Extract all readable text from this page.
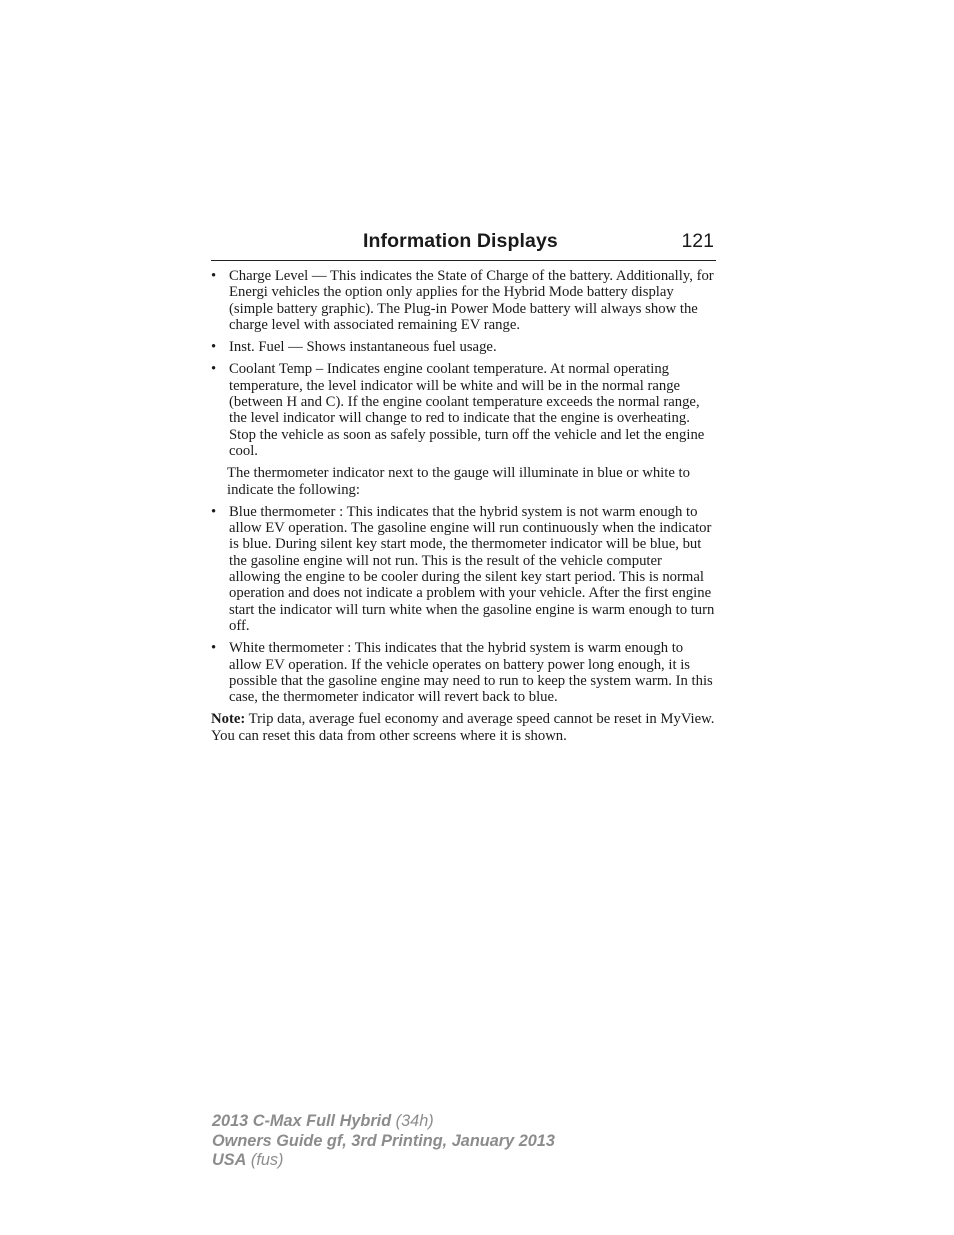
Information Displays	121
• Charge Level — This indicates the State of Charge of the battery. Additionally, for Energi vehicles the option only applies for the Hybrid Mode battery display (simple battery graphic). The Plug-in Power Mode battery will always show the charge level with associated remaining EV range.
• Inst. Fuel — Shows instantaneous fuel usage.
• Coolant Temp – Indicates engine coolant temperature. At normal operating temperature, the level indicator will be white and will be in the normal range (between H and C). If the engine coolant temperature exceeds the normal range, the level indicator will change to red to indicate that the engine is overheating. Stop the vehicle as soon as safely possible, turn off the vehicle and let the engine cool.

The thermometer indicator next to the gauge will illuminate in blue or white to indicate the following:

• Blue thermometer : This indicates that the hybrid system is not warm enough to allow EV operation. The gasoline engine will run continuously when the indicator is blue. During silent key start mode, the thermometer indicator will be blue, but the gasoline engine will not run. This is the result of the vehicle computer allowing the engine to be cooler during the silent key start period. This is normal operation and does not indicate a problem with your vehicle. After the first engine start the indicator will turn white when the gasoline engine is warm enough to turn off.
• White thermometer : This indicates that the hybrid system is warm enough to allow EV operation. If the vehicle operates on battery power long enough, it is possible that the gasoline engine may need to run to keep the system warm. In this case, the thermometer indicator will revert back to blue.

Note: Trip data, average fuel economy and average speed cannot be reset in MyView. You can reset this data from other screens where it is shown.

2013 C-Max Full Hybrid (34h)
Owners Guide gf, 3rd Printing, January 2013
USA (fus)
